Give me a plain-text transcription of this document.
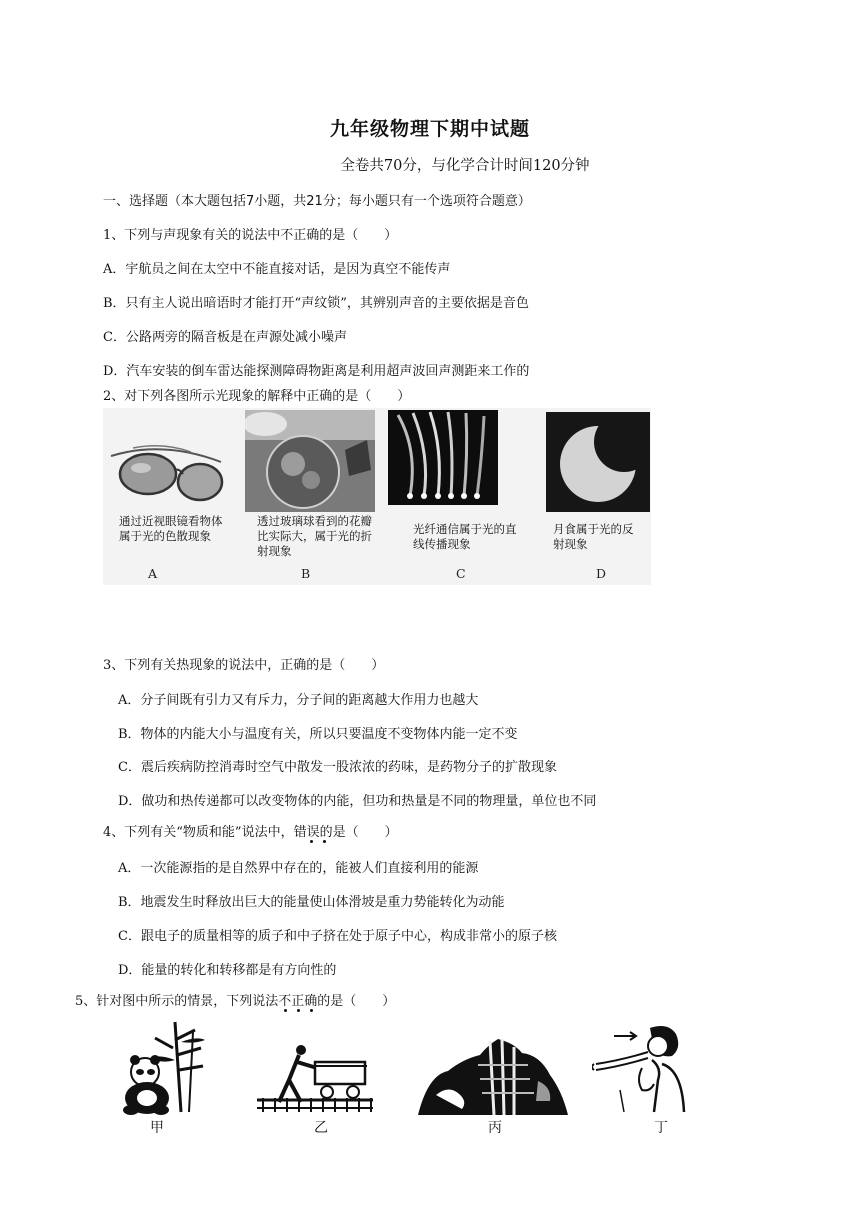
九年级物理下期中试题
全卷共70分，与化学合计时间120分钟
一、选择题（本大题包括7小题，共21分；每小题只有一个选项符合题意）
1、下列与声现象有关的说法中不正确的是（　　）
A．宇航员之间在太空中不能直接对话，是因为真空不能传声
B．只有主人说出暗语时才能打开“声纹锁”，其辨别声音的主要依据是音色
C．公路两旁的隔音板是在声源处减小噪声
D．汽车安装的倒车雷达能探测障碍物距离是利用超声波回声测距来工作的
2、对下列各图所示光现象的解释中正确的是（　　）
通过近视眼镜看物体属于光的色散现象
透过玻璃球看到的花瓣比实际大，属于光的折射现象
光纤通信属于光的直线传播现象
月食属于光的反射现象
A	B	C	D
3、下列有关热现象的说法中，正确的是（　　）
A．分子间既有引力又有斥力，分子间的距离越大作用力也越大
B．物体的内能大小与温度有关，所以只要温度不变物体内能一定不变
C．震后疾病防控消毒时空气中散发一股浓浓的药味，是药物分子的扩散现象
D．做功和热传递都可以改变物体的内能，但功和热量是不同的物理量，单位也不同
4、下列有关“物质和能”说法中，错误的是（　　）
A．一次能源指的是自然界中存在的，能被人们直接利用的能源
B．地震发生时释放出巨大的能量使山体滑坡是重力势能转化为动能
C．跟电子的质量相等的质子和中子挤在处于原子中心，构成非常小的原子核
D．能量的转化和转移都是有方向性的
5、针对图中所示的情景，下列说法不正确的是（　　）
甲	乙	丙	丁
